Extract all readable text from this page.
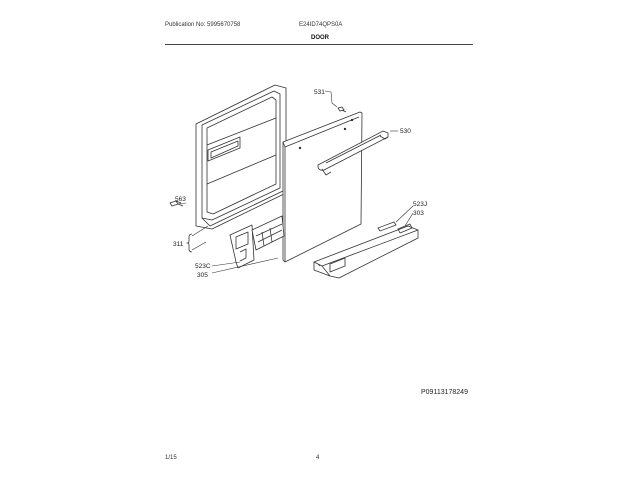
Publication No: 5995670758	E24ID74QPS0A
DOOR
531
530
563
311
523J
303
523C
305
P09113178249
1/15	4
